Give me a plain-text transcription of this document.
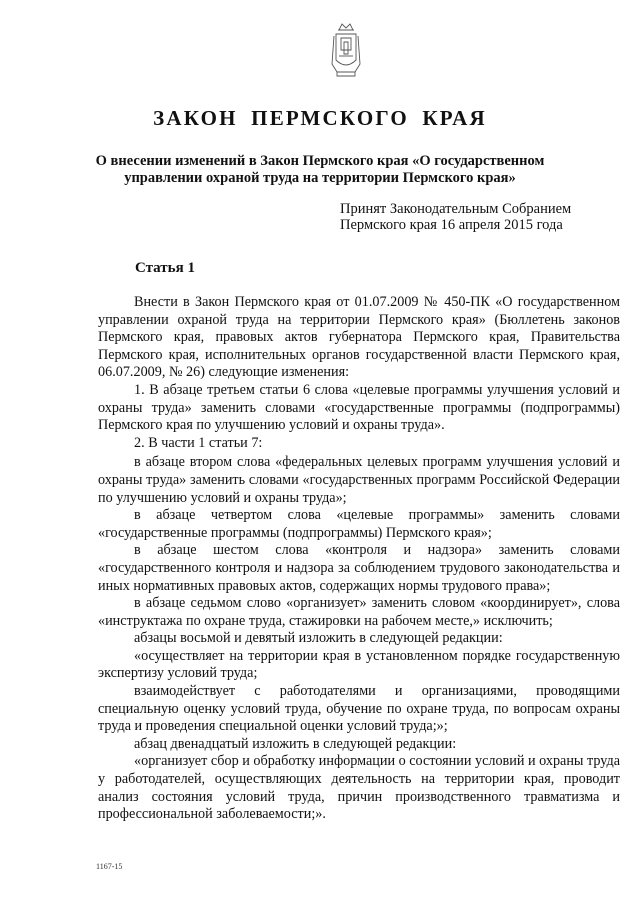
ЗАКОН ПЕРМСКОГО КРАЯ
О внесении изменений в Закон Пермского края «О государственном
управлении охраной труда на территории Пермского края»
Принят Законодательным Собранием
Пермского края 16 апреля 2015 года
Статья 1

Внести в Закон Пермского края от 01.07.2009 № 450-ПК «О государственном управлении охраной труда на территории Пермского края» (Бюллетень законов Пермского края, правовых актов губернатора Пермского края, Правительства Пермского края, исполнительных органов государственной власти Пермского края, 06.07.2009, № 26) следующие изменения:

1. В абзаце третьем статьи 6 слова «целевые программы улучшения условий и охраны труда» заменить словами «государственные программы (подпрограммы) Пермского края по улучшению условий и охраны труда».

2. В части 1 статьи 7:

в абзаце втором слова «федеральных целевых программ улучшения условий и охраны труда» заменить словами «государственных программ Российской Федерации по улучшению условий и охраны труда»;

в абзаце четвертом слова «целевые программы» заменить словами «государственные программы (подпрограммы) Пермского края»;

в абзаце шестом слова «контроля и надзора» заменить словами «государственного контроля и надзора за соблюдением трудового законодательства и иных нормативных правовых актов, содержащих нормы трудового права»;

в абзаце седьмом слово «организует» заменить словом «координирует», слова «инструктажа по охране труда, стажировки на рабочем месте,» исключить;

абзацы восьмой и девятый изложить в следующей редакции:

«осуществляет на территории края в установленном порядке государственную экспертизу условий труда;

взаимодействует с работодателями и организациями, проводящими специальную оценку условий труда, обучение по охране труда, по вопросам охраны труда и проведения специальной оценки условий труда;»;

абзац двенадцатый изложить в следующей редакции:

«организует сбор и обработку информации о состоянии условий и охраны труда у работодателей, осуществляющих деятельность на территории края, проводит анализ состояния условий труда, причин производственного травматизма и профессиональной заболеваемости;».

1167-15
